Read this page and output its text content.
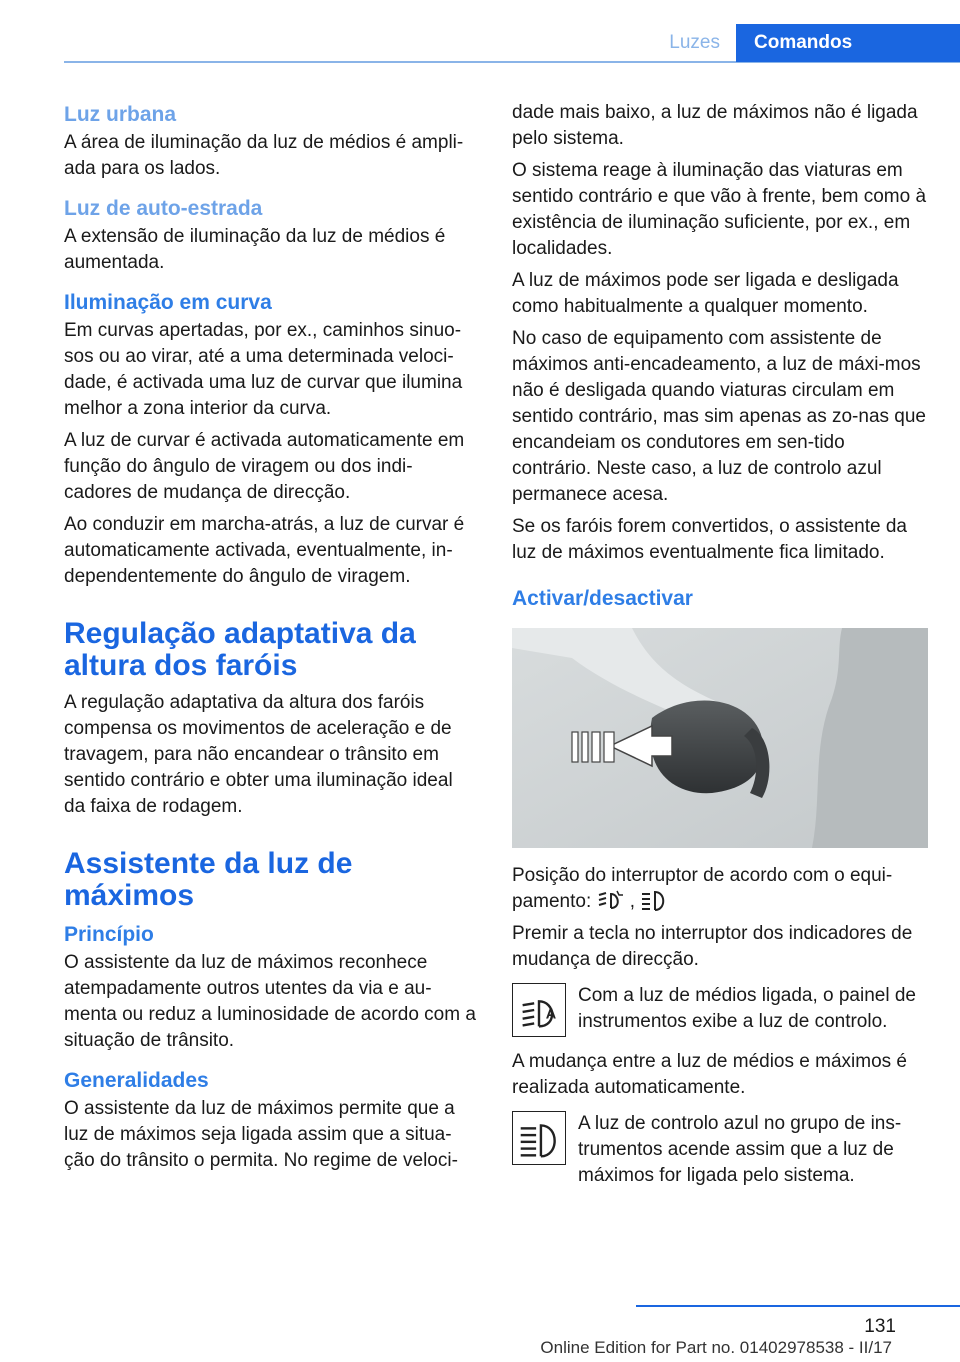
Luzes	Comandos
Luz urbana
A área de iluminação da luz de médios é ampli‐ada para os lados.
Luz de auto-estrada
A extensão de iluminação da luz de médios é aumentada.
Iluminação em curva
Em curvas apertadas, por ex., caminhos sinuo‐sos ou ao virar, até a uma determinada veloci‐dade, é activada uma luz de curvar que ilumina melhor a zona interior da curva.
A luz de curvar é activada automaticamente em função do ângulo de viragem ou dos indi‐cadores de mudança de direcção.
Ao conduzir em marcha-atrás, a luz de curvar é automaticamente activada, eventualmente, in‐dependentemente do ângulo de viragem.
Regulação adaptativa da altura dos faróis
A regulação adaptativa da altura dos faróis compensa os movimentos de aceleração e de travagem, para não encandear o trânsito em sentido contrário e obter uma iluminação ideal da faixa de rodagem.
Assistente da luz de máximos
Princípio
O assistente da luz de máximos reconhece atempadamente outros utentes da via e au‐menta ou reduz a luminosidade de acordo com a situação de trânsito.
Generalidades
O assistente da luz de máximos permite que a luz de máximos seja ligada assim que a situa‐ção do trânsito o permita. No regime de veloci‐
dade mais baixo, a luz de máximos não é ligada pelo sistema.
O sistema reage à iluminação das viaturas em sentido contrário e que vão à frente, bem como à existência de iluminação suficiente, por ex., em localidades.
A luz de máximos pode ser ligada e desligada como habitualmente a qualquer momento.
No caso de equipamento com assistente de máximos anti-encadeamento, a luz de máxi‐mos não é desligada quando viaturas circulam em sentido contrário, mas sim apenas as zo‐nas que encandeiam os condutores em sen‐tido contrário. Neste caso, a luz de controlo azul permanece acesa.
Se os faróis forem convertidos, o assistente da luz de máximos eventualmente fica limitado.
Activar/desactivar
Posição do interruptor de acordo com o equi‐pamento: ,
Premir a tecla no interruptor dos indicadores de mudança de direcção.
A
Com a luz de médios ligada, o painel de instrumentos exibe a luz de controlo.
A mudança entre a luz de médios e máximos é realizada automaticamente.
A luz de controlo azul no grupo de ins‐trumentos acende assim que a luz de máximos for ligada pelo sistema.
131
Online Edition for Part no. 01402978538 - II/17
